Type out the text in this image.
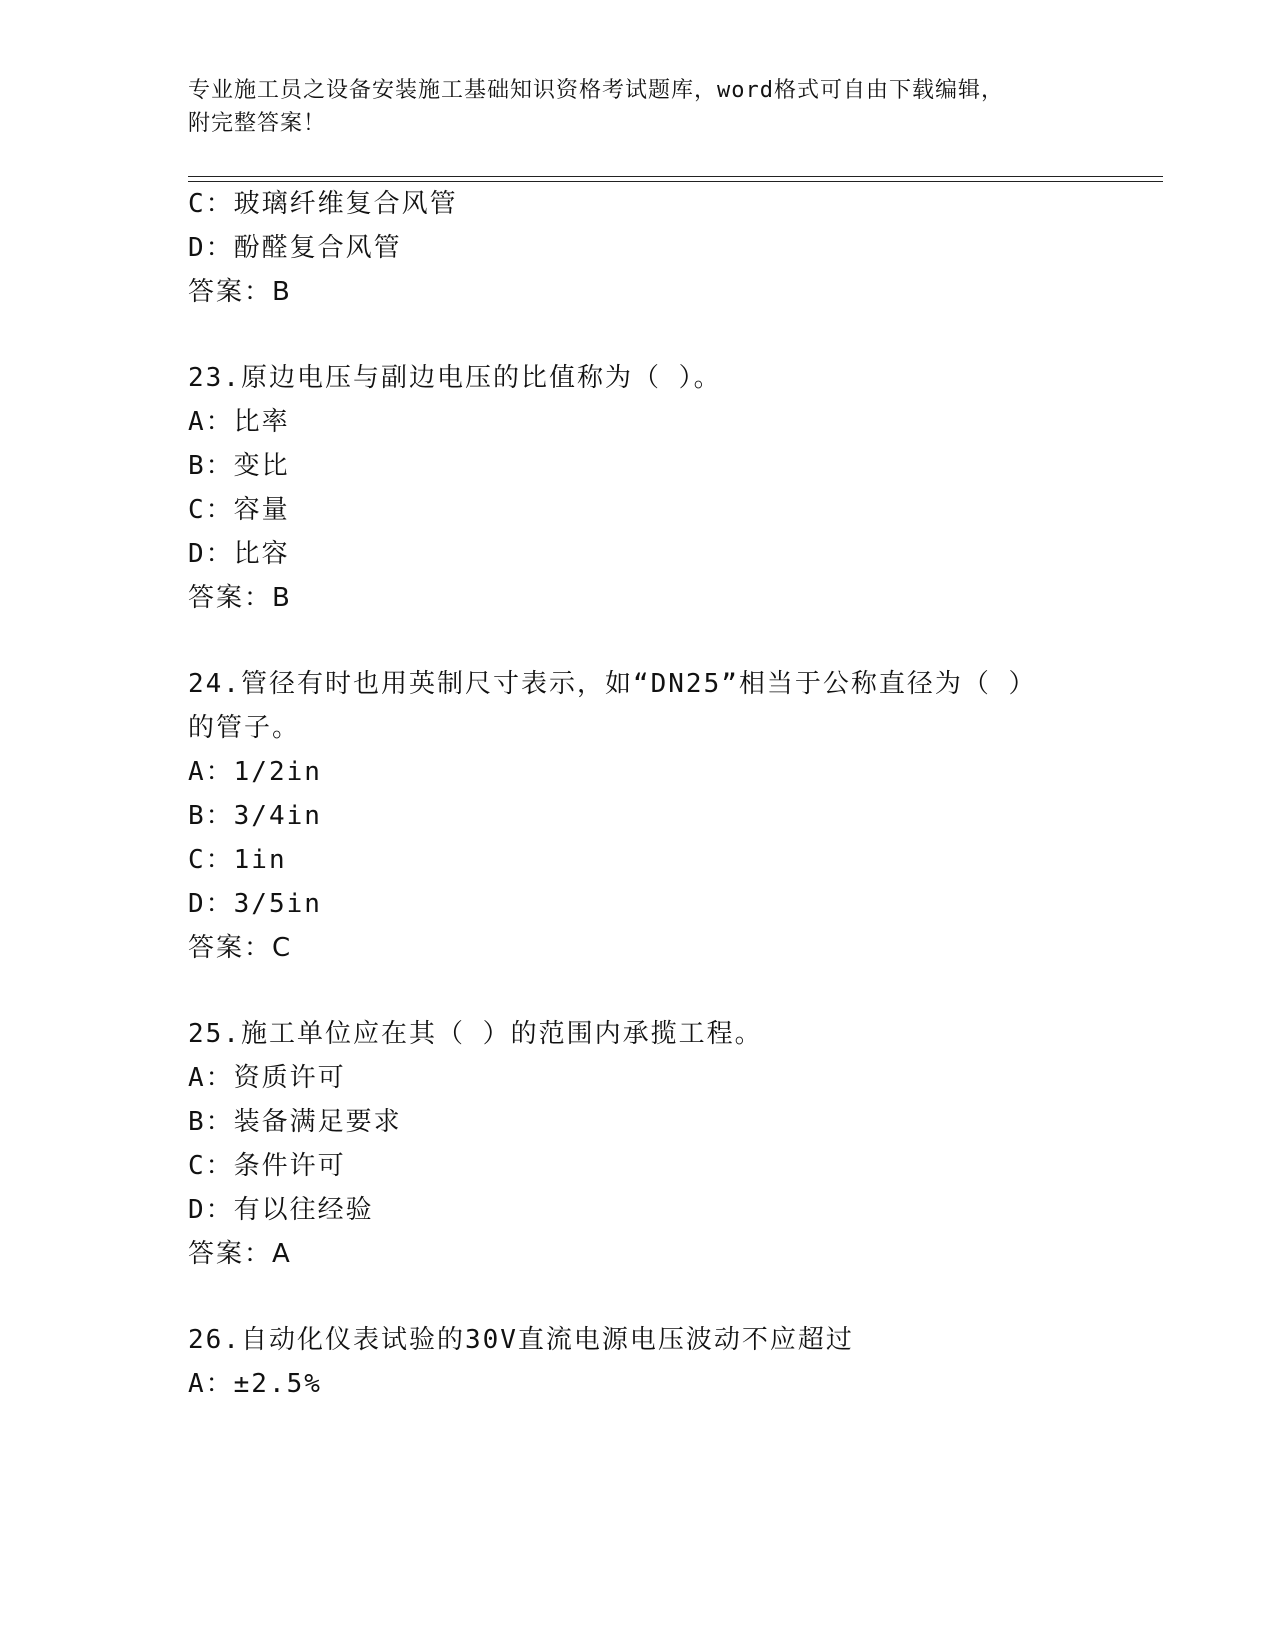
专业施工员之设备安装施工基础知识资格考试题库，word格式可自由下载编辑，
附完整答案！
C：玻璃纤维复合风管
D：酚醛复合风管
答案：B
23.原边电压与副边电压的比值称为（ ）。
A：比率
B：变比
C：容量
D：比容
答案：B
24.管径有时也用英制尺寸表示，如“DN25”相当于公称直径为（ ）
的管子。
A：1/2in
B：3/4in
C：1in
D：3/5in
答案：C
25.施工单位应在其（ ）的范围内承揽工程。
A：资质许可
B：装备满足要求
C：条件许可
D：有以往经验
答案：A
26.自动化仪表试验的30V直流电源电压波动不应超过
A：±2.5%
